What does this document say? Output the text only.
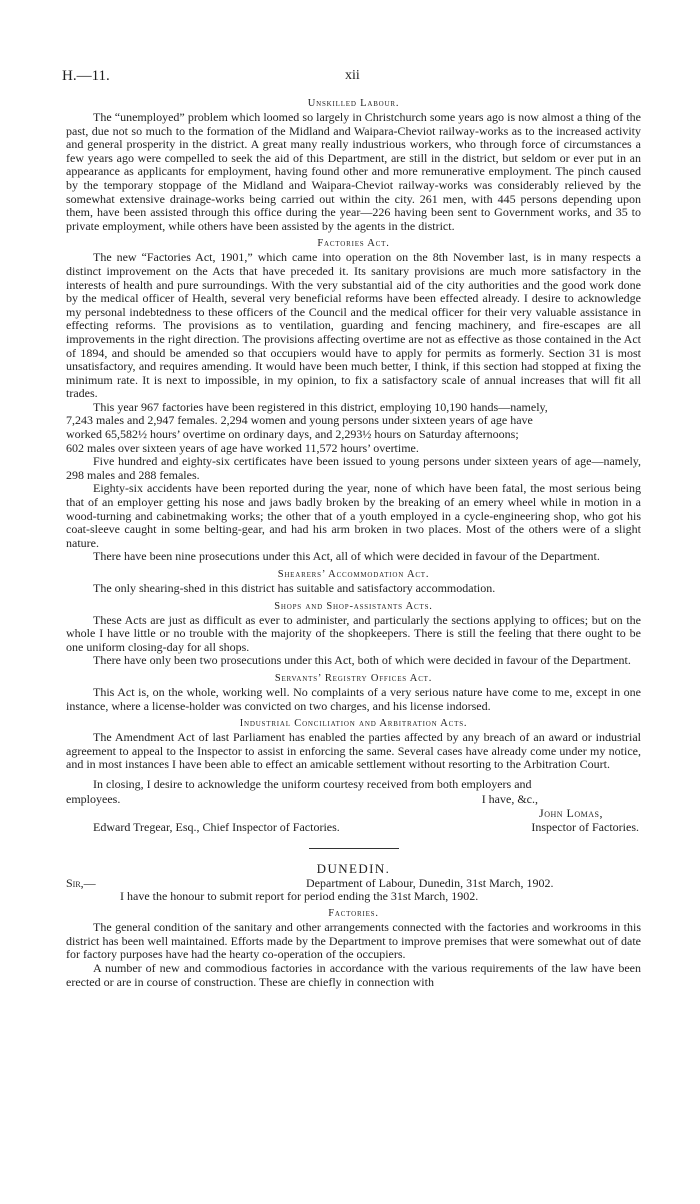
H.—11.	xii

Unskilled Labour.

The “unemployed” problem which loomed so largely in Christchurch some years ago is now almost a thing of the past, due not so much to the formation of the Midland and Waipara-Cheviot railway-works as to the increased activity and general prosperity in the district. A great many really industrious workers, who through force of circumstances a few years ago were compelled to seek the aid of this Department, are still in the district, but seldom or ever put in an appearance as applicants for employment, having found other and more remunerative employment. The pinch caused by the temporary stoppage of the Midland and Waipara-Cheviot railway-works was considerably relieved by the somewhat extensive drainage-works being carried out within the city. 261 men, with 445 persons depending upon them, have been assisted through this office during the year—226 having been sent to Government works, and 35 to private employment, while others have been assisted by the agents in the district.

Factories Act.

The new “Factories Act, 1901,” which came into operation on the 8th November last, is in many respects a distinct improvement on the Acts that have preceded it. Its sanitary provisions are much more satisfactory in the interests of health and pure surroundings. With the very substantial aid of the city authorities and the good work done by the medical officer of Health, several very beneficial reforms have been effected already. I desire to acknowledge my personal indebtedness to these officers of the Council and the medical officer for their very valuable assistance in effecting reforms. The provisions as to ventilation, guarding and fencing machinery, and fire-escapes are all improvements in the right direction. The provisions affecting overtime are not as effective as those contained in the Act of 1894, and should be amended so that occupiers would have to apply for permits as formerly. Section 31 is most unsatisfactory, and requires amending. It would have been much better, I think, if this section had stopped at fixing the minimum rate. It is next to impossible, in my opinion, to fix a satisfactory scale of annual increases that will fit all trades.

This year 967 factories have been registered in this district, employing 10,190 hands—namely,
7,243 males and 2,947 females. 2,294 women and young persons under sixteen years of age have
worked 65,582½ hours’ overtime on ordinary days, and 2,293½ hours on Saturday afternoons;
602 males over sixteen years of age have worked 11,572 hours’ overtime.

Five hundred and eighty-six certificates have been issued to young persons under sixteen years of age—namely, 298 males and 288 females.

Eighty-six accidents have been reported during the year, none of which have been fatal, the most serious being that of an employer getting his nose and jaws badly broken by the breaking of an emery wheel while in motion in a wood-turning and cabinetmaking works; the other that of a youth employed in a cycle-engineering shop, who got his coat-sleeve caught in some belting-gear, and had his arm broken in two places. Most of the others were of a slight nature.

There have been nine prosecutions under this Act, all of which were decided in favour of the Department.

Shearers’ Accommodation Act.

The only shearing-shed in this district has suitable and satisfactory accommodation.

Shops and Shop-assistants Acts.

These Acts are just as difficult as ever to administer, and particularly the sections applying to offices; but on the whole I have little or no trouble with the majority of the shopkeepers. There is still the feeling that there ought to be one uniform closing-day for all shops.

There have only been two prosecutions under this Act, both of which were decided in favour of the Department.

Servants’ Registry Offices Act.

This Act is, on the whole, working well. No complaints of a very serious nature have come to me, except in one instance, where a license-holder was convicted on two charges, and his license indorsed.

Industrial Conciliation and Arbitration Acts.

The Amendment Act of last Parliament has enabled the parties affected by any breach of an award or industrial agreement to appeal to the Inspector to assist in enforcing the same. Several cases have already come under my notice, and in most instances I have been able to effect an amicable settlement without resorting to the Arbitration Court.

In closing, I desire to acknowledge the uniform courtesy received from both employers and
employees.	I have, &c.,
John Lomas,
Edward Tregear, Esq., Chief Inspector of Factories.	Inspector of Factories.

DUNEDIN.

Sir,—	Department of Labour, Dunedin, 31st March, 1902.
I have the honour to submit report for period ending the 31st March, 1902.

Factories.

The general condition of the sanitary and other arrangements connected with the factories and workrooms in this district has been well maintained. Efforts made by the Department to improve premises that were somewhat out of date for factory purposes have had the hearty co-operation of the occupiers.

A number of new and commodious factories in accordance with the various requirements of the law have been erected or are in course of construction. These are chiefly in connection with
